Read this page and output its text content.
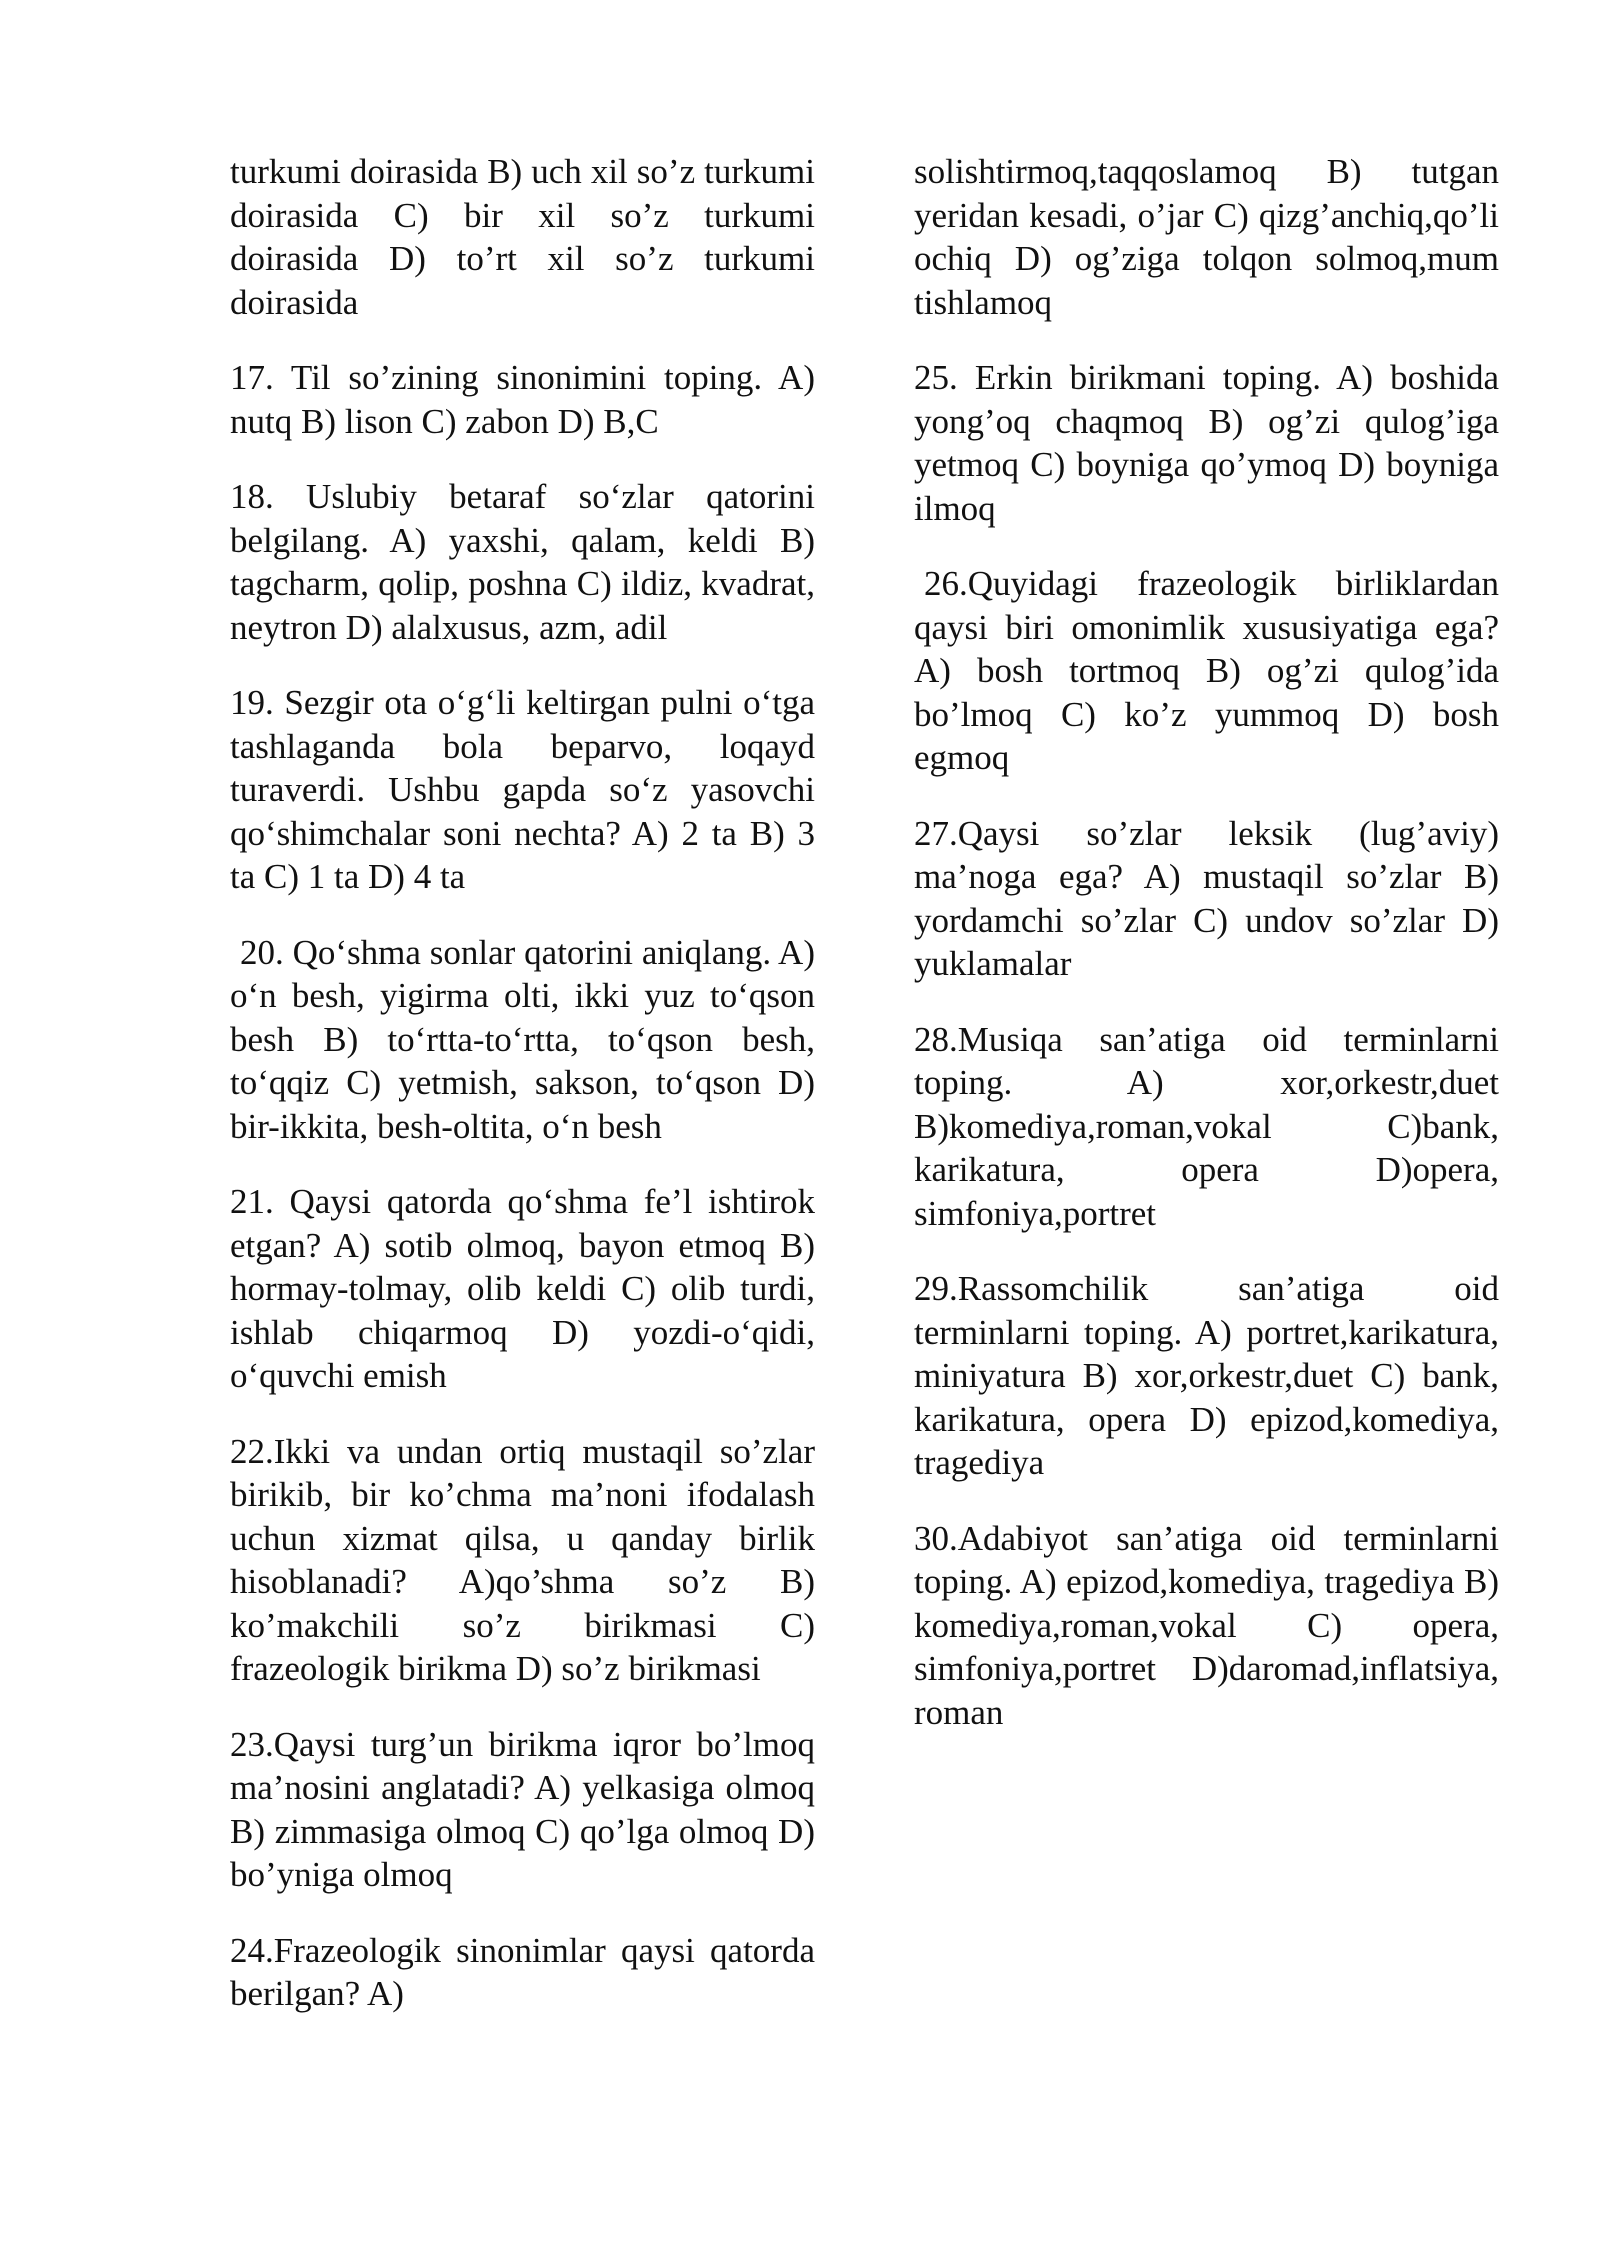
turkumi doirasida B) uch xil so’z turkumi doirasida C) bir xil so’z turkumi doirasida D) to’rt xil so’z turkumi doirasida

17. Til so’zining sinonimini toping. A) nutq B) lison C) zabon D) B,C

18. Uslubiy betaraf so‘zlar qatorini belgilang. A) yaxshi, qalam, keldi B) tagcharm, qolip, poshna C) ildiz, kvadrat, neytron D) alalxusus, azm, adil

19. Sezgir ota o‘g‘li keltirgan pulni o‘tga tashlaganda bola beparvo, loqayd turaverdi. Ushbu gapda so‘z yasovchi qo‘shimchalar soni nechta? A) 2 ta B) 3 ta C) 1 ta D) 4 ta

20. Qo‘shma sonlar qatorini aniqlang. A) o‘n besh, yigirma olti, ikki yuz to‘qson besh B) to‘rtta-to‘rtta, to‘qson besh, to‘qqiz C) yetmish, sakson, to‘qson D) bir-ikkita, besh-oltita, o‘n besh

21. Qaysi qatorda qo‘shma fe’l ishtirok etgan? A) sotib olmoq, bayon etmoq B) hormay-tolmay, olib keldi C) olib turdi, ishlab chiqarmoq D) yozdi-o‘qidi, o‘quvchi emish

22.Ikki va undan ortiq mustaqil so’zlar birikib, bir ko’chma ma’noni ifodalash uchun xizmat qilsa, u qanday birlik hisoblanadi? A)qo’shma so’z B) ko’makchili so’z birikmasi C) frazeologik birikma D) so’z birikmasi

23.Qaysi turg’un birikma iqror bo’lmoq ma’nosini anglatadi? A) yelkasiga olmoq B) zimmasiga olmoq C) qo’lga olmoq D) bo’yniga olmoq

24.Frazeologik sinonimlar qaysi qatorda berilgan? A)

solishtirmoq,taqqoslamoq B) tutgan yeridan kesadi, o’jar C) qizg’anchiq,qo’li ochiq D) og’ziga tolqon solmoq,mum tishlamoq

25. Erkin birikmani toping. A) boshida yong’oq chaqmoq B) og’zi qulog’iga yetmoq C) boyniga qo’ymoq D) boyniga ilmoq

26.Quyidagi frazeologik birliklardan qaysi biri omonimlik xususiyatiga ega? A) bosh tortmoq B) og’zi qulog’ida bo’lmoq C) ko’z yummoq D) bosh egmoq

27.Qaysi so’zlar leksik (lug’aviy) ma’noga ega? A) mustaqil so’zlar B) yordamchi so’zlar C) undov so’zlar D) yuklamalar

28.Musiqa san’atiga oid terminlarni toping. A) xor,orkestr,duet B)komediya,roman,vokal C)bank, karikatura, opera D)opera, simfoniya,portret

29.Rassomchilik san’atiga oid terminlarni toping. A) portret,karikatura, miniyatura B) xor,orkestr,duet C) bank, karikatura, opera D) epizod,komediya, tragediya

30.Adabiyot san’atiga oid terminlarni toping. A) epizod,komediya, tragediya B) komediya,roman,vokal C) opera, simfoniya,portret D)daromad,inflatsiya, roman
